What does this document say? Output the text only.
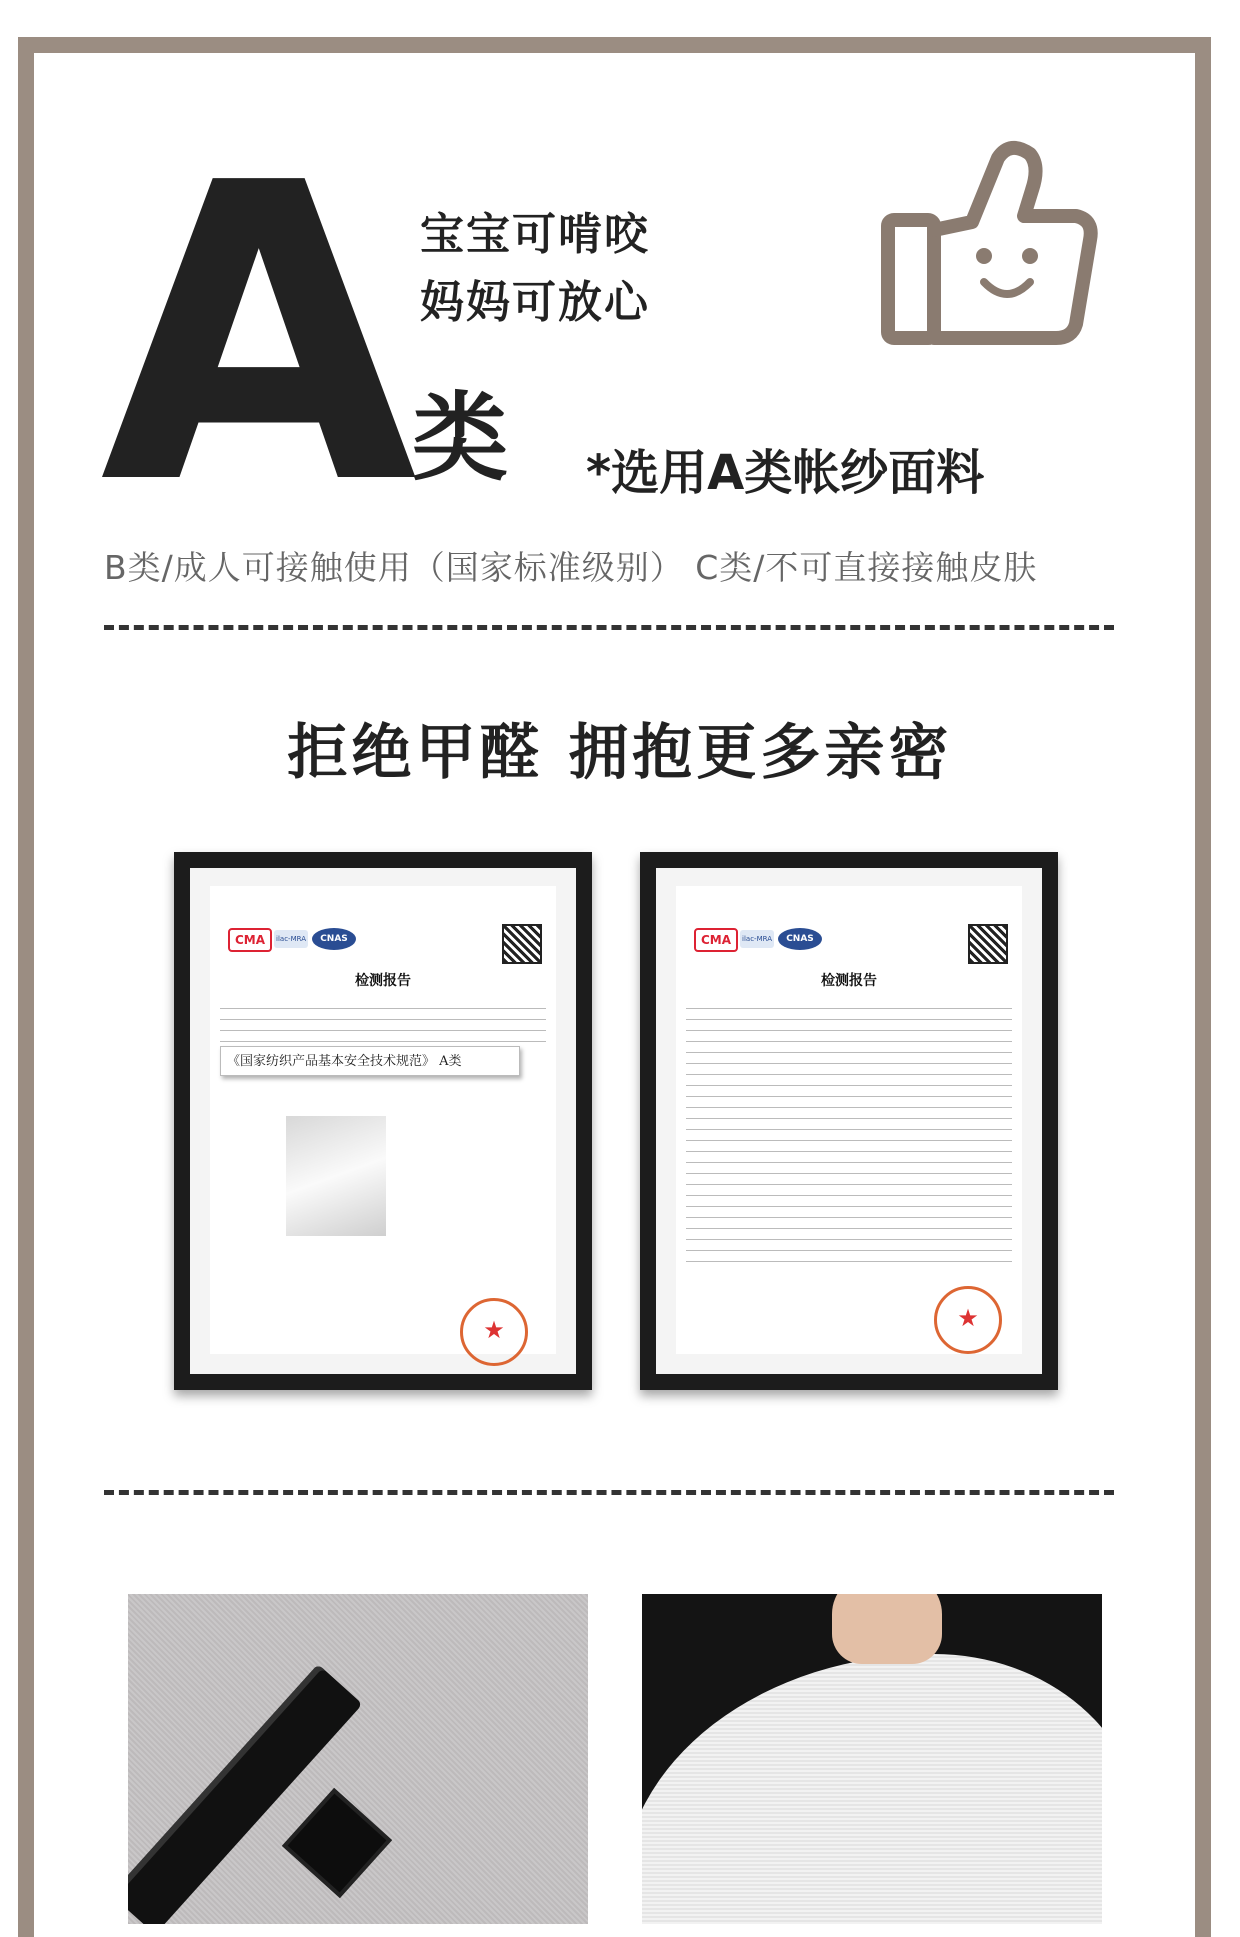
A 宝宝可啃咬
妈妈可放心
类 *选用A类帐纱面料
B类/成人可接触使用（国家标准级别） C类/不可直接接触皮肤
拒绝甲醛 拥抱更多亲密
CMA	ilac-MRA	CNAS
检测报告
《国家纺织产品基本安全技术规范》 A类
★
CMA	ilac-MRA	CNAS
检测报告
★
